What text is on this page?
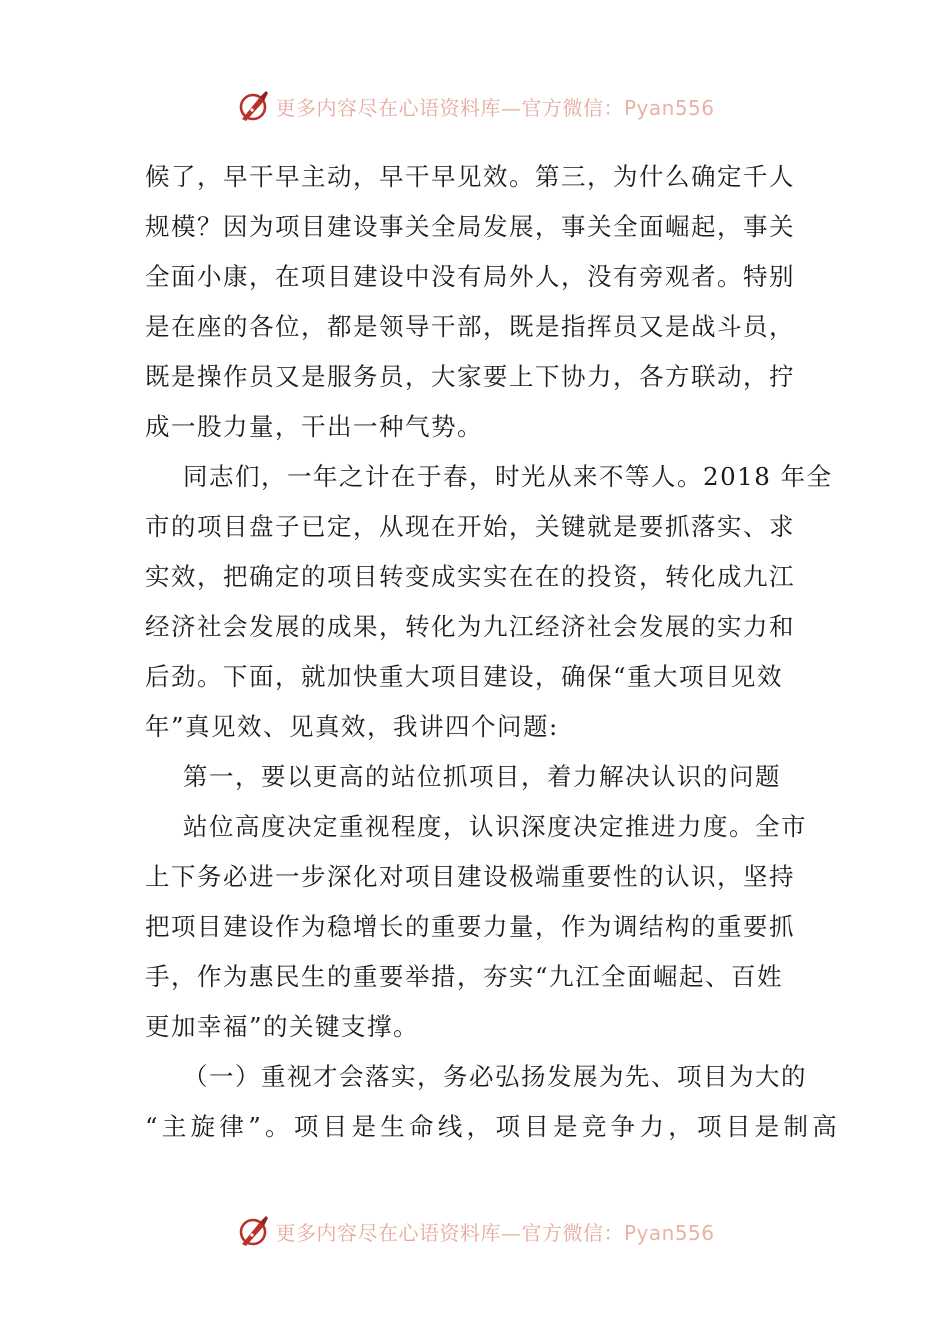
更多内容尽在心语资料库—官方微信：Pyan556
候了，早干早主动，早干早见效。第三，为什么确定千人
规模？因为项目建设事关全局发展，事关全面崛起，事关
全面小康，在项目建设中没有局外人，没有旁观者。特别
是在座的各位，都是领导干部，既是指挥员又是战斗员，
既是操作员又是服务员，大家要上下协力，各方联动，拧
成一股力量，干出一种气势。
同志们，一年之计在于春，时光从来不等人。2018 年全
市的项目盘子已定，从现在开始，关键就是要抓落实、求
实效，把确定的项目转变成实实在在的投资，转化成九江
经济社会发展的成果，转化为九江经济社会发展的实力和
后劲。下面，就加快重大项目建设，确保“重大项目见效
年”真见效、见真效，我讲四个问题:
第一，要以更高的站位抓项目，着力解决认识的问题
站位高度决定重视程度，认识深度决定推进力度。全市
上下务必进一步深化对项目建设极端重要性的认识，坚持
把项目建设作为稳增长的重要力量，作为调结构的重要抓
手，作为惠民生的重要举措，夯实“九江全面崛起、百姓
更加幸福”的关键支撑。
（一）重视才会落实，务必弘扬发展为先、项目为大的
“主旋律”。项目是生命线，项目是竞争力，项目是制高
更多内容尽在心语资料库—官方微信：Pyan556
